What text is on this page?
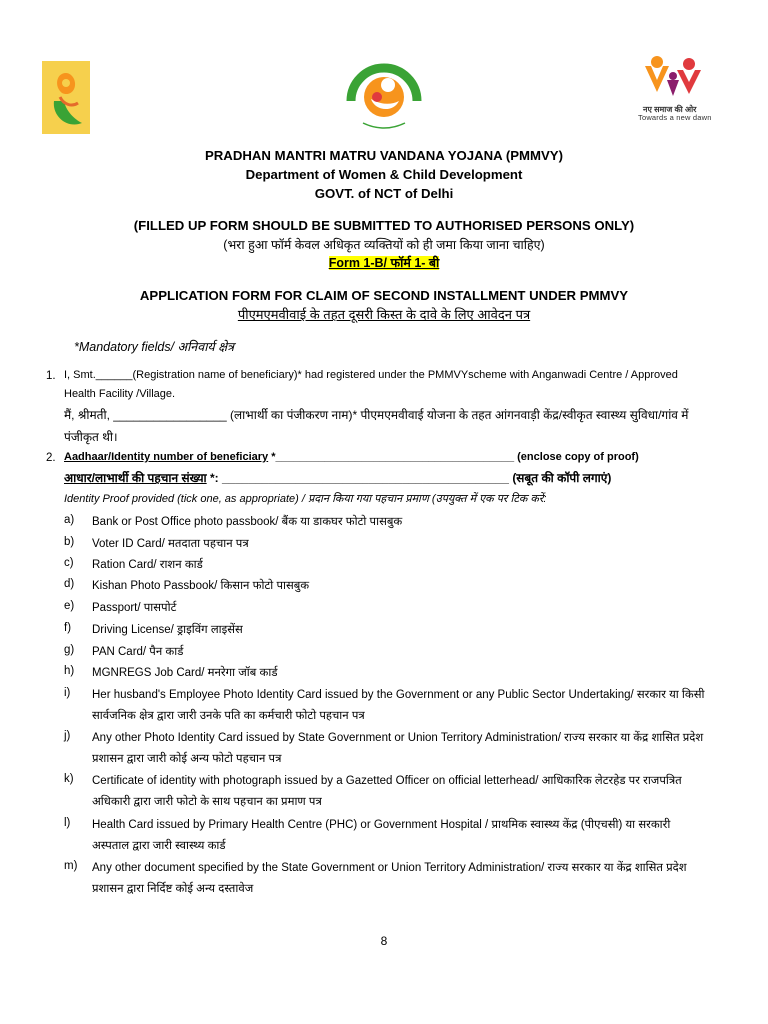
नए समाज की ओर
Towards a new dawn
PRADHAN MANTRI MATRU VANDANA YOJANA (PMMVY)
Department of Women & Child Development
GOVT. of NCT of Delhi
(FILLED UP FORM SHOULD BE SUBMITTED TO AUTHORISED PERSONS ONLY)
(भरा हुआ फॉर्म केवल अधिकृत व्यक्तियों को ही जमा किया जाना चाहिए)
Form 1-B/ फॉर्म 1- बी
APPLICATION FORM FOR CLAIM OF SECOND INSTALLMENT UNDER PMMVY
पीएमएमवीवाई के तहत दूसरी किस्त के दावे के लिए आवेदन पत्र
*Mandatory fields/ अनिवार्य क्षेत्र
1. I, Smt.______(Registration name of beneficiary)* had registered under the PMMVYscheme with Anganwadi Centre / Approved
Health Facility /Village.
मैं, श्रीमती, _________________ (लाभार्थी का पंजीकरण नाम)* पीएमएमवीवाई योजना के तहत आंगनवाड़ी केंद्र/स्वीकृत स्वास्थ्य सुविधा/गांव में
पंजीकृत थी।
2. Aadhaar/Identity number of beneficiary *_______________________________________ (enclose copy of proof)
आधार/लाभार्थी की पहचान संख्या *: ___________________________________________ (सबूत की कॉपी लगाएं)
Identity Proof provided (tick one, as appropriate) / प्रदान किया गया पहचान प्रमाण (उपयुक्त में एक पर टिक करें:
a) Bank or Post Office photo passbook/ बैंक या डाकघर फोटो पासबुक
b) Voter ID Card/ मतदाता पहचान पत्र
c) Ration Card/ राशन कार्ड
d) Kishan Photo Passbook/ किसान फोटो पासबुक
e) Passport/ पासपोर्ट
f) Driving License/ ड्राइविंग लाइसेंस
g) PAN Card/ पैन कार्ड
h) MGNREGS Job Card/ मनरेगा जॉब कार्ड
i) Her husband's Employee Photo Identity Card issued by the Government or any Public Sector Undertaking/ सरकार या किसी
सार्वजनिक क्षेत्र द्वारा जारी उनके पति का कर्मचारी फोटो पहचान पत्र
j) Any other Photo Identity Card issued by State Government or Union Territory Administration/ राज्य सरकार या केंद्र शासित प्रदेश
प्रशासन द्वारा जारी कोई अन्य फोटो पहचान पत्र
k) Certificate of identity with photograph issued by a Gazetted Officer on official letterhead/ आधिकारिक लेटरहेड पर राजपत्रित
अधिकारी द्वारा जारी फोटो के साथ पहचान का प्रमाण पत्र
l) Health Card issued by Primary Health Centre (PHC) or Government Hospital / प्राथमिक स्वास्थ्य केंद्र (पीएचसी) या सरकारी
अस्पताल द्वारा जारी स्वास्थ्य कार्ड
m) Any other document specified by the State Government or Union Territory Administration/ राज्य सरकार या केंद्र शासित प्रदेश
प्रशासन द्वारा निर्दिष्ट कोई अन्य दस्तावेज
8
